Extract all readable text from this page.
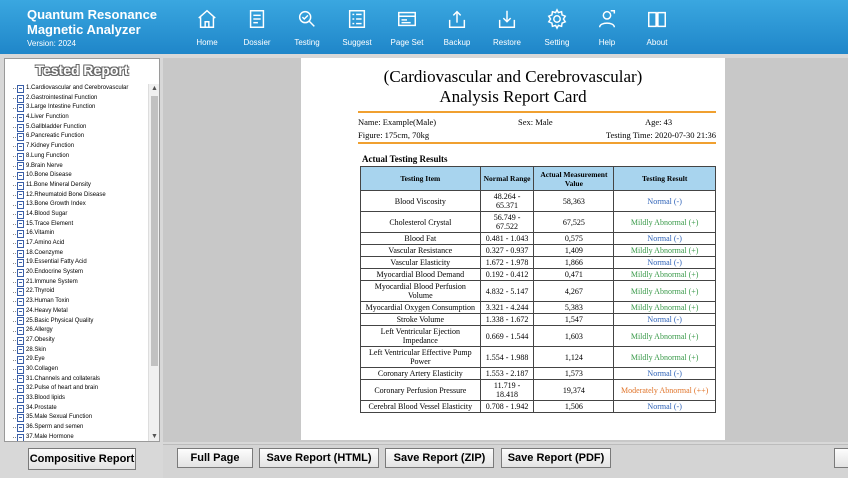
Quantum Resonance
Magnetic Analyzer
Version: 2024	Home	Dossier	Testing	Suggest Page Set	Backup	Restore	Setting	Help	About
Tested Report
1.Cardiovascular and Cerebrovascular
2.Gastrointestinal Function
3.Large Intestine Function
4.Liver Function
5.Gallbladder Function
6.Pancreatic Function
7.Kidney Function
8.Lung Function
9.Brain Nerve
10.Bone Disease
11.Bone Mineral Density
12.Rheumatoid Bone Disease
13.Bone Growth Index
14.Blood Sugar
15.Trace Element
16.Vitamin
17.Amino Acid
18.Coenzyme
19.Essential Fatty Acid
20.Endocrine System
21.Immune System
22.Thyroid
23.Human Toxin
24.Heavy Metal
25.Basic Physical Quality
26.Allergy
27.Obesity
28.Skin
29.Eye
30.Collagen
31.Channels and collaterals
32.Pulse of heart and brain
33.Blood lipids
34.Prostate
35.Male Sexual Function
36.Sperm and semen
37.Male Hormone
▲
▼
Compositive Report
(Cardiovascular and Cerebrovascular)
Analysis Report Card
Name: Example(Male)	Sex: Male	Age: 43
Figure: 175cm, 70kg	Testing Time: 2020-07-30 21:36
Actual Testing Results
Testing Item	Normal Range	Actual Measurement Value	Testing Result
Blood Viscosity	48.264 - 65.371	58,363	Normal (-)
Cholesterol Crystal	56.749 - 67.522	67,525	Mildly Abnormal (+)
Blood Fat	0.481 - 1.043	0,575	Normal (-)
Vascular Resistance	0.327 - 0.937	1,409	Mildly Abnormal (+)
Vascular Elasticity	1.672 - 1.978	1,866	Normal (-)
Myocardial Blood Demand	0.192 - 0.412	0,471	Mildly Abnormal (+)
Myocardial Blood Perfusion Volume	4.832 - 5.147	4,267	Mildly Abnormal (+)
Myocardial Oxygen Consumption	3.321 - 4.244	5,383	Mildly Abnormal (+)
Stroke Volume	1.338 - 1.672	1,547	Normal (-)
Left Ventricular Ejection Impedance	0.669 - 1.544	1,603	Mildly Abnormal (+)
Left Ventricular Effective Pump Power	1.554 - 1.988	1,124	Mildly Abnormal (+)
Coronary Artery Elasticity	1.553 - 2.187	1,573	Normal (-)
Coronary Perfusion Pressure	11.719 - 18.418	19,374	Moderately Abnormal (++)
Cerebral Blood Vessel Elasticity	0.708 - 1.942	1,506	Normal (-)
Full Page	Save Report (HTML)	Save Report (ZIP)	Save Report (PDF)
